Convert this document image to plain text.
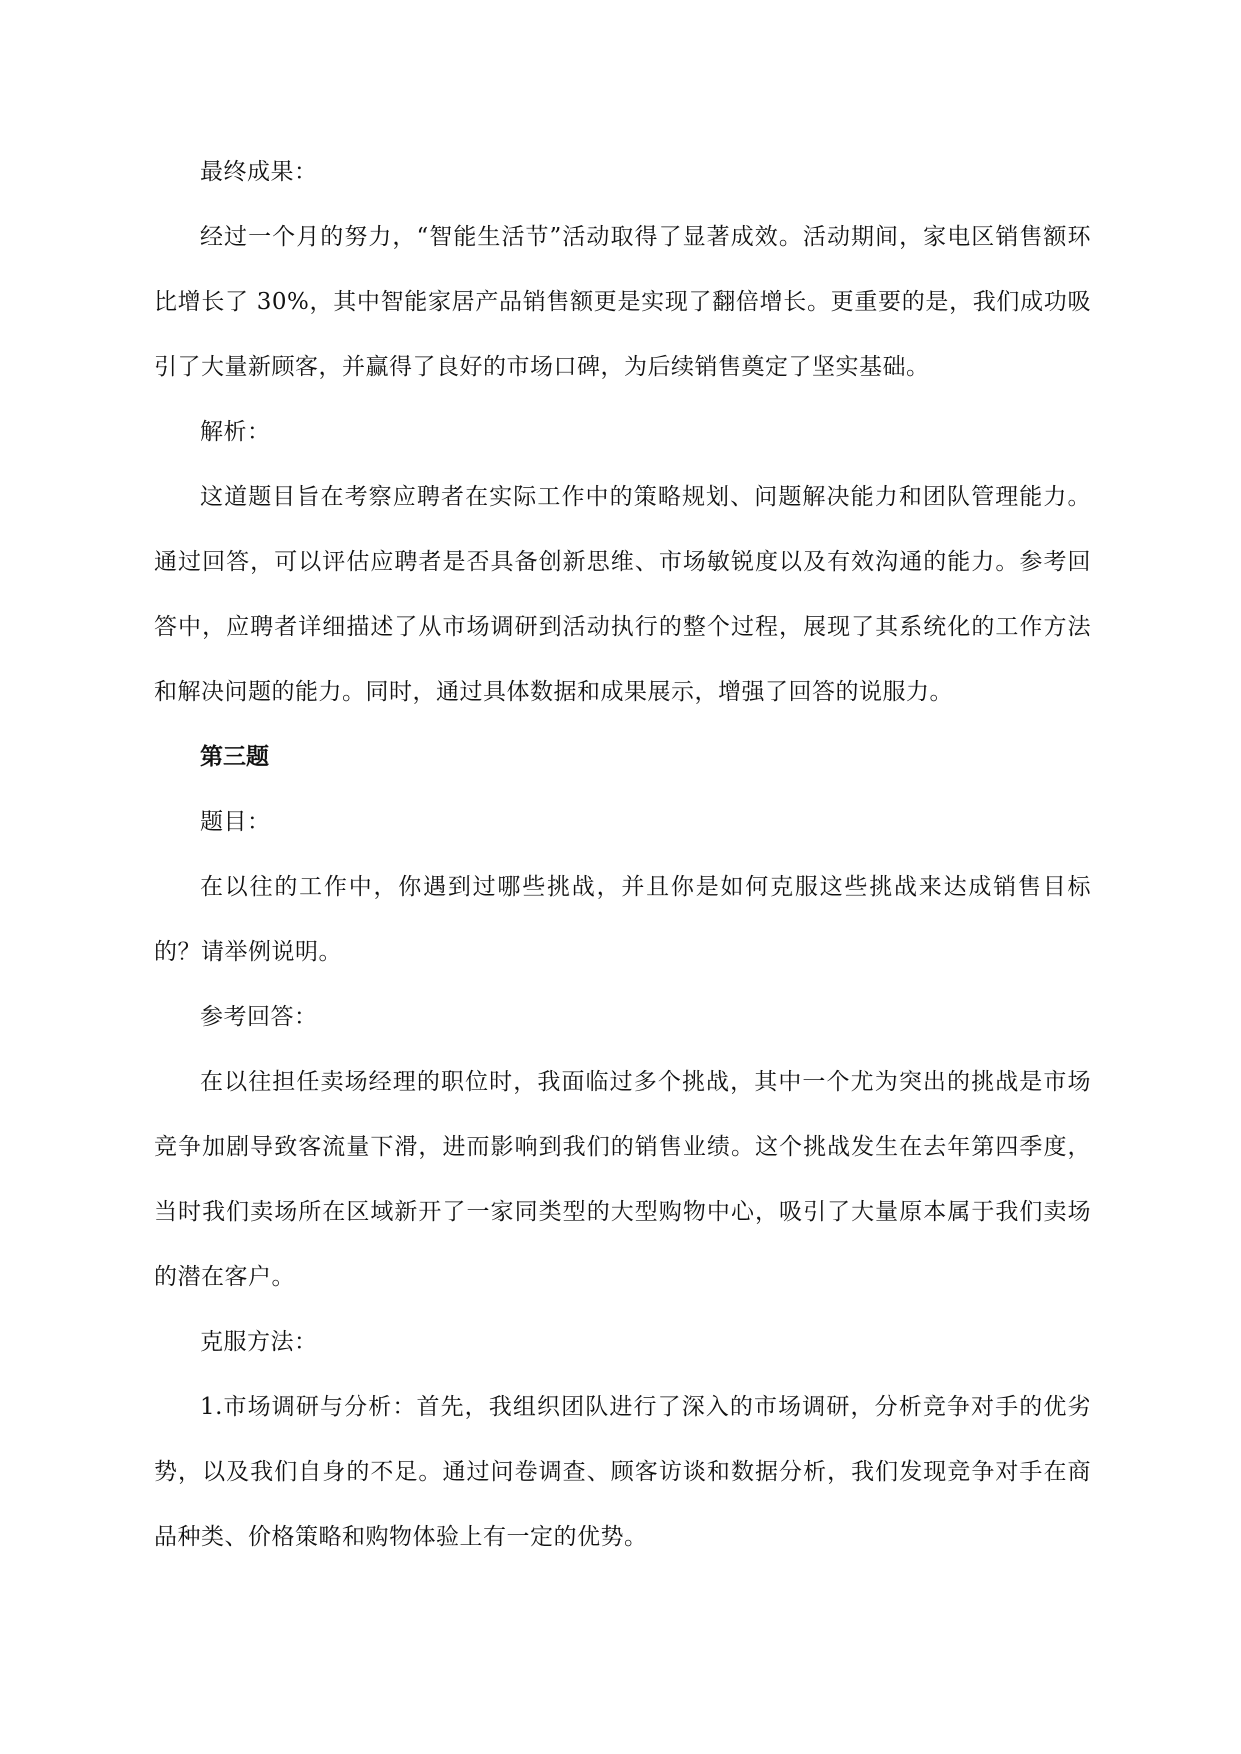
最终成果：

经过一个月的努力，“智能生活节”活动取得了显著成效。活动期间，家电区销售额环比增长了 30%，其中智能家居产品销售额更是实现了翻倍增长。更重要的是，我们成功吸引了大量新顾客，并赢得了良好的市场口碑，为后续销售奠定了坚实基础。

解析：

这道题目旨在考察应聘者在实际工作中的策略规划、问题解决能力和团队管理能力。通过回答，可以评估应聘者是否具备创新思维、市场敏锐度以及有效沟通的能力。参考回答中，应聘者详细描述了从市场调研到活动执行的整个过程，展现了其系统化的工作方法和解决问题的能力。同时，通过具体数据和成果展示，增强了回答的说服力。

第三题

题目：

在以往的工作中，你遇到过哪些挑战，并且你是如何克服这些挑战来达成销售目标的？请举例说明。

参考回答：

在以往担任卖场经理的职位时，我面临过多个挑战，其中一个尤为突出的挑战是市场竞争加剧导致客流量下滑，进而影响到我们的销售业绩。这个挑战发生在去年第四季度，当时我们卖场所在区域新开了一家同类型的大型购物中心，吸引了大量原本属于我们卖场的潜在客户。

克服方法：

1.市场调研与分析：首先，我组织团队进行了深入的市场调研，分析竞争对手的优劣势，以及我们自身的不足。通过问卷调查、顾客访谈和数据分析，我们发现竞争对手在商品种类、价格策略和购物体验上有一定的优势。
